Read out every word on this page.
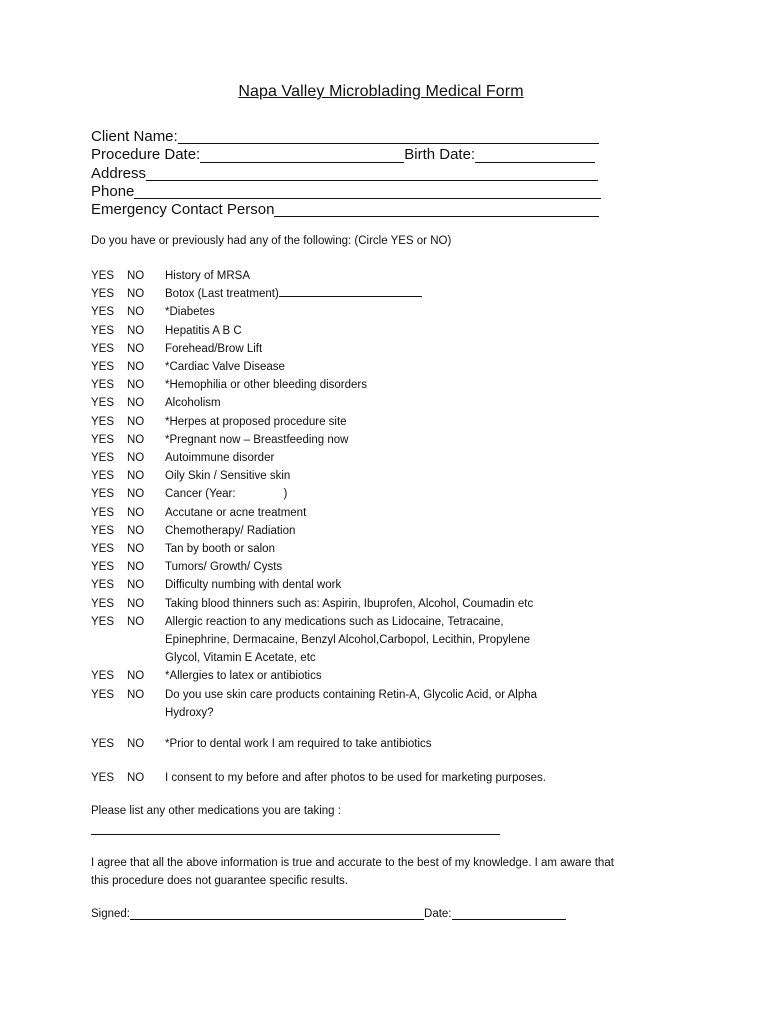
Napa Valley Microblading Medical Form
Client Name:
Procedure Date:	Birth Date:
Address
Phone
Emergency Contact Person
Do you have or previously had any of the following: (Circle YES or NO)
YES	NO	History of MRSA
YES	NO	Botox (Last treatment)
YES	NO	*Diabetes
YES	NO	Hepatitis A B C
YES	NO	Forehead/Brow Lift
YES	NO	*Cardiac Valve Disease
YES	NO	*Hemophilia or other bleeding disorders
YES	NO	Alcoholism
YES	NO	*Herpes at proposed procedure site
YES	NO	*Pregnant now – Breastfeeding now
YES	NO	Autoimmune disorder
YES	NO	Oily Skin / Sensitive skin
YES	NO	Cancer (Year:               )
YES	NO	Accutane or acne treatment
YES	NO	Chemotherapy/ Radiation
YES	NO	Tan by booth or salon
YES	NO	Tumors/ Growth/ Cysts
YES	NO	Difficulty numbing with dental work
YES	NO	Taking blood thinners such as: Aspirin, Ibuprofen, Alcohol, Coumadin etc
YES	NO	Allergic reaction to any medications such as Lidocaine, Tetracaine,
Epinephrine, Dermacaine, Benzyl Alcohol,Carbopol, Lecithin, Propylene
Glycol, Vitamin E Acetate, etc
YES	NO	*Allergies to latex or antibiotics
YES	NO	Do you use skin care products containing Retin-A, Glycolic Acid, or Alpha
Hydroxy?
YES	NO	*Prior to dental work I am required to take antibiotics
YES	NO	I consent to my before and after photos to be used for marketing purposes.
Please list any other medications you are taking :
I agree that all the above information is true and accurate to the best of my knowledge. I am aware that
this procedure does not guarantee specific results.
Signed:	Date:
